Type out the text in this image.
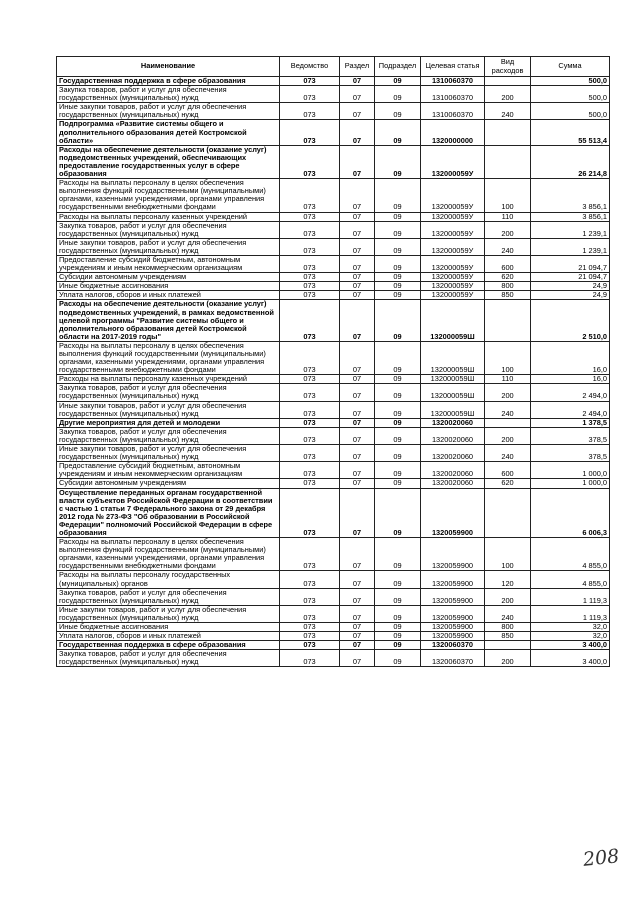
Наименование	Ведомство	Раздел	Подраздел	Целевая статья	Вид расходов	Сумма
Государственная поддержка в сфере образования	073	07	09	1310060370		500,0
Закупка товаров, работ и услуг для обеспечения государственных (муниципальных) нужд	073	07	09	1310060370	200	500,0
Иные закупки товаров, работ и услуг для обеспечения государственных (муниципальных) нужд	073	07	09	1310060370	240	500,0
Подпрограмма «Развитие системы общего и дополнительного образования детей Костромской области»	073	07	09	1320000000		55 513,4
Расходы на обеспечение деятельности (оказание услуг) подведомственных учреждений, обеспечивающих предоставление государственных услуг в сфере образования	073	07	09	132000059У		26 214,8
Расходы на выплаты персоналу в целях обеспечения выполнения функций государственными (муниципальными) органами, казенными учреждениями, органами управления государственными внебюджетными фондами	073	07	09	132000059У	100	3 856,1
Расходы на выплаты персоналу казенных учреждений	073	07	09	132000059У	110	3 856,1
Закупка товаров, работ и услуг для обеспечения государственных (муниципальных) нужд	073	07	09	132000059У	200	1 239,1
Иные закупки товаров, работ и услуг для обеспечения государственных (муниципальных) нужд	073	07	09	132000059У	240	1 239,1
Предоставление субсидий бюджетным, автономным учреждениям и иным некоммерческим организациям	073	07	09	132000059У	600	21 094,7
Субсидии автономным учреждениям	073	07	09	132000059У	620	21 094,7
Иные бюджетные ассигнования	073	07	09	132000059У	800	24,9
Уплата налогов, сборов и иных платежей	073	07	09	132000059У	850	24,9
Расходы на обеспечение деятельности (оказание услуг) подведомственных учреждений, в рамках ведомственной целевой программы "Развитие системы общего и дополнительного образования детей Костромской области на 2017-2019 годы"	073	07	09	132000059Ш		2 510,0
Расходы на выплаты персоналу в целях обеспечения выполнения функций государственными (муниципальными) органами, казенными учреждениями, органами управления государственными внебюджетными фондами	073	07	09	132000059Ш	100	16,0
Расходы на выплаты персоналу казенных учреждений	073	07	09	132000059Ш	110	16,0
Закупка товаров, работ и услуг для обеспечения государственных (муниципальных) нужд	073	07	09	132000059Ш	200	2 494,0
Иные закупки товаров, работ и услуг для обеспечения государственных (муниципальных) нужд	073	07	09	132000059Ш	240	2 494,0
Другие мероприятия для детей и молодежи	073	07	09	1320020060		1 378,5
Закупка товаров, работ и услуг для обеспечения государственных (муниципальных) нужд	073	07	09	1320020060	200	378,5
Иные закупки товаров, работ и услуг для обеспечения государственных (муниципальных) нужд	073	07	09	1320020060	240	378,5
Предоставление субсидий бюджетным, автономным учреждениям и иным некоммерческим организациям	073	07	09	1320020060	600	1 000,0
Субсидии автономным учреждениям	073	07	09	1320020060	620	1 000,0
Осуществление переданных органам государственной власти субъектов Российской Федерации в соответствии с частью 1 статьи 7 Федерального закона от 29 декабря 2012 года № 273-ФЗ "Об образовании в Российской Федерации" полномочий Российской Федерации в сфере образования	073	07	09	1320059900		6 006,3
Расходы на выплаты персоналу в целях обеспечения выполнения функций государственными (муниципальными) органами, казенными учреждениями, органами управления государственными внебюджетными фондами	073	07	09	1320059900	100	4 855,0
Расходы на выплаты персоналу государственных (муниципальных) органов	073	07	09	1320059900	120	4 855,0
Закупка товаров, работ и услуг для обеспечения государственных (муниципальных) нужд	073	07	09	1320059900	200	1 119,3
Иные закупки товаров, работ и услуг для обеспечения государственных (муниципальных) нужд	073	07	09	1320059900	240	1 119,3
Иные бюджетные ассигнования	073	07	09	1320059900	800	32,0
Уплата налогов, сборов и иных платежей	073	07	09	1320059900	850	32,0
Государственная поддержка в сфере образования	073	07	09	1320060370		3 400,0
Закупка товаров, работ и услуг для обеспечения государственных (муниципальных) нужд	073	07	09	1320060370	200	3 400,0
208
